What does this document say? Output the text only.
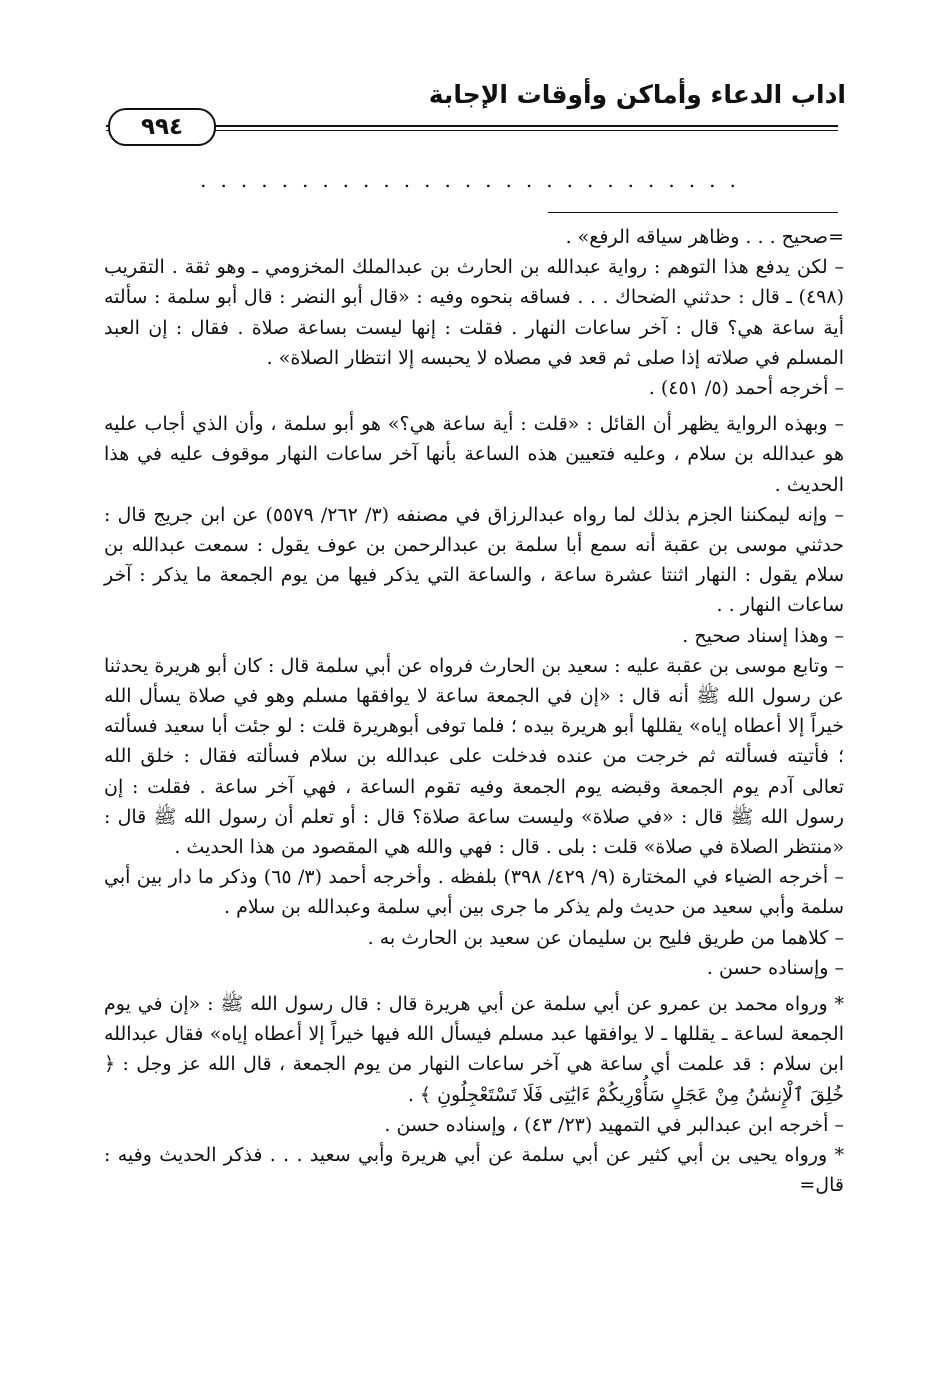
اداب الدعاء وأماكن وأوقات الإجابة
٩٩٤
...........................

=صحيح . . . وظاهر سياقه الرفع» .

– لكن يدفع هذا التوهم : رواية عبدالله بن الحارث بن عبدالملك المخزومي ـ وهو ثقة . التقريب (٤٩٨) ـ قال : حدثني الضحاك . . . فساقه بنحوه وفيه : «قال أبو النضر : قال أبو سلمة : سألته أية ساعة هي؟ قال : آخر ساعات النهار . فقلت : إنها ليست بساعة صلاة . فقال : إن العبد المسلم في صلاته إذا صلى ثم قعد في مصلاه لا يحبسه إلا انتظار الصلاة» .

– أخرجه أحمد (٥/ ٤٥١) .

– وبهذه الرواية يظهر أن القائل : «قلت : أية ساعة هي؟» هو أبو سلمة ، وأن الذي أجاب عليه هو عبدالله بن سلام ، وعليه فتعيين هذه الساعة بأنها آخر ساعات النهار موقوف عليه في هذا الحديث .

– وإنه ليمكننا الجزم بذلك لما رواه عبدالرزاق في مصنفه (٣/ ٢٦٢/ ٥٥٧٩) عن ابن جريج قال : حدثني موسى بن عقبة أنه سمع أبا سلمة بن عبدالرحمن بن عوف يقول : سمعت عبدالله بن سلام يقول : النهار اثنتا عشرة ساعة ، والساعة التي يذكر فيها من يوم الجمعة ما يذكر : آخر ساعات النهار . .

– وهذا إسناد صحيح .

– وتابع موسى بن عقبة عليه : سعيد بن الحارث فرواه عن أبي سلمة قال : كان أبو هريرة يحدثنا عن رسول الله ﷺ أنه قال : «إن في الجمعة ساعة لا يوافقها مسلم وهو في صلاة يسأل الله خيراً إلا أعطاه إياه» يقللها أبو هريرة بيده ؛ فلما توفى أبوهريرة قلت : لو جئت أبا سعيد فسألته ؛ فأتيته فسألته ثم خرجت من عنده فدخلت على عبدالله بن سلام فسألته فقال : خلق الله تعالى آدم يوم الجمعة وقبضه يوم الجمعة وفيه تقوم الساعة ، فهي آخر ساعة . فقلت : إن رسول الله ﷺ قال : «في صلاة» وليست ساعة صلاة؟ قال : أو تعلم أن رسول الله ﷺ قال : «منتظر الصلاة في صلاة» قلت : بلى . قال : فهي والله هي المقصود من هذا الحديث .

– أخرجه الضياء في المختارة (٩/ ٤٢٩/ ٣٩٨) بلفظه . وأخرجه أحمد (٣/ ٦٥) وذكر ما دار بين أبي سلمة وأبي سعيد من حديث ولم يذكر ما جرى بين أبي سلمة وعبدالله بن سلام .

– كلاهما من طريق فليح بن سليمان عن سعيد بن الحارث به .

– وإسناده حسن .

* ورواه محمد بن عمرو عن أبي سلمة عن أبي هريرة قال : قال رسول الله ﷺ : «إن في يوم الجمعة لساعة ـ يقللها ـ لا يوافقها عبد مسلم فيسأل الله فيها خيراً إلا أعطاه إياه» فقال عبدالله ابن سلام : قد علمت أي ساعة هي آخر ساعات النهار من يوم الجمعة ، قال الله عز وجل : ﴿ خُلِقَ ٱلْإِنسَٰنُ مِنْ عَجَلٍ سَأُوْرِيكُمْ ءَايَٰتِى فَلَا تَسْتَعْجِلُونِ ﴾ .

– أخرجه ابن عبدالبر في التمهيد (٢٣/ ٤٣) ، وإسناده حسن .

* ورواه يحيى بن أبي كثير عن أبي سلمة عن أبي هريرة وأبي سعيد . . . فذكر الحديث وفيه : قال=
